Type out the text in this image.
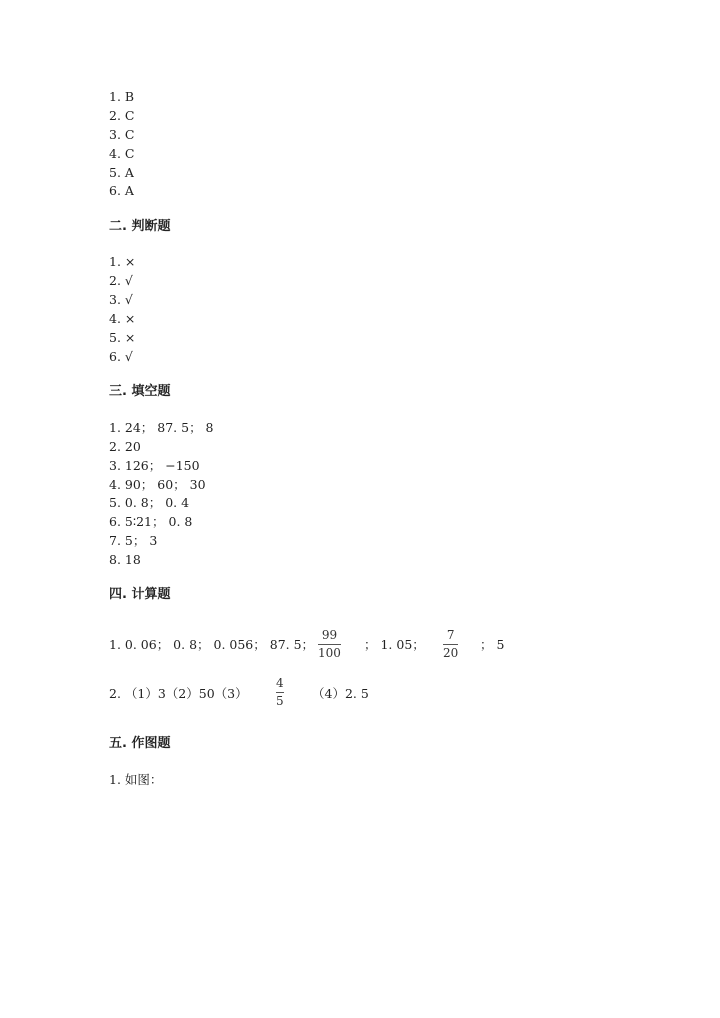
1. B
2. C
3. C
4. C
5. A
6. A
二. 判断题
1. ×
2. √
3. √
4. ×
5. ×
6. √
三. 填空题
1. 24； 87. 5； 8
2. 20
3. 126； −150
4. 90； 60； 30
5. 0. 8； 0. 4
6. 5∶21； 0. 8
7. 5； 3
8. 18
四. 计算题
1. 0. 06； 0. 8； 0. 056； 87. 5；
99
100
； 1. 05；
7
20
； 5
2. （1）3（2）50（3）
4
5 （4）2. 5
五. 作图题
1. 如图：
